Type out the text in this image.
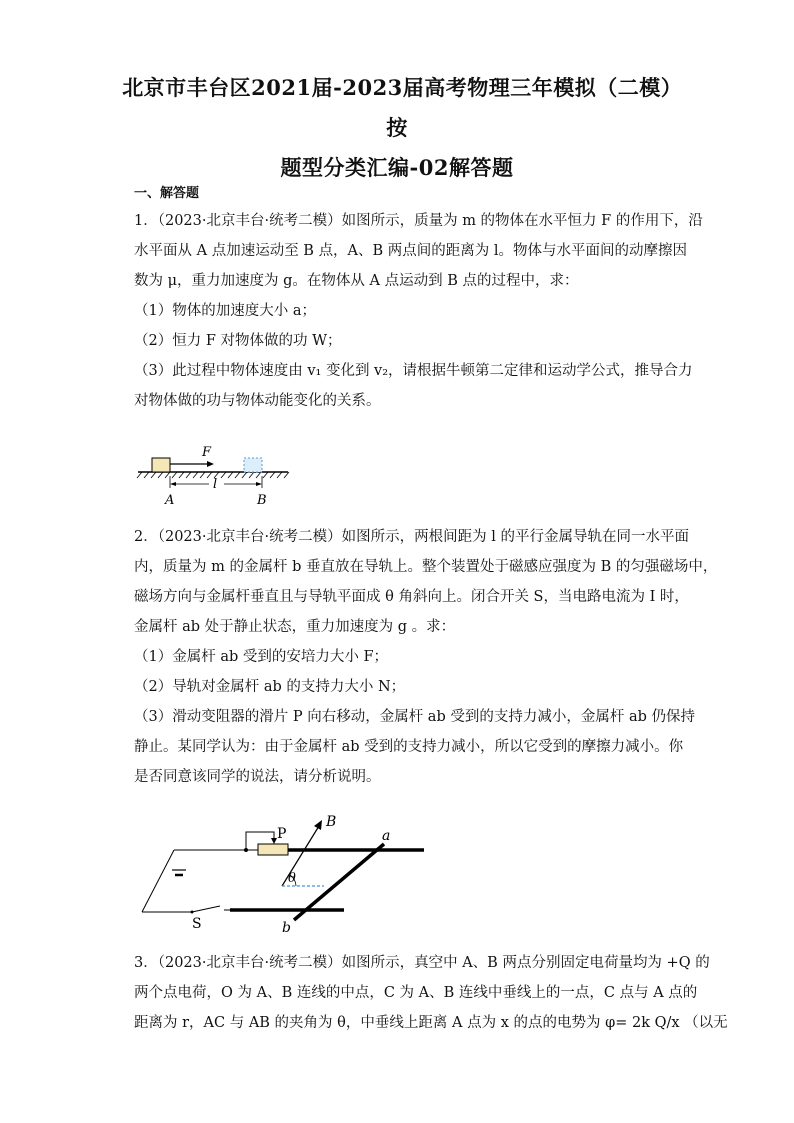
北京市丰台区2021届-2023届高考物理三年模拟（二模）按
题型分类汇编-02解答题
一、解答题
1．（2023·北京丰台·统考二模）如图所示，质量为 m 的物体在水平恒力 F 的作用下，沿
水平面从 A 点加速运动至 B 点，A、B 两点间的距离为 l。物体与水平面间的动摩擦因
数为 μ，重力加速度为 g。在物体从 A 点运动到 B 点的过程中，求：
（1）物体的加速度大小 a；
（2）恒力 F 对物体做的功 W；
（3）此过程中物体速度由 v₁ 变化到 v₂，请根据牛顿第二定律和运动学公式，推导合力
对物体做的功与物体动能变化的关系。
F
l
A	B
2．（2023·北京丰台·统考二模）如图所示，两根间距为 l 的平行金属导轨在同一水平面
内，质量为 m 的金属杆 b 垂直放在导轨上。整个装置处于磁感应强度为 B 的匀强磁场中，
磁场方向与金属杆垂直且与导轨平面成 θ 角斜向上。闭合开关 S，当电路电流为 I 时，
金属杆 ab 处于静止状态，重力加速度为 g 。求：
（1）金属杆 ab 受到的安培力大小 F；
（2）导轨对金属杆 ab 的支持力大小 N；
（3）滑动变阻器的滑片 P 向右移动，金属杆 ab 受到的支持力减小，金属杆 ab 仍保持
静止。某同学认为：由于金属杆 ab 受到的支持力减小，所以它受到的摩擦力减小。你
是否同意该同学的说法，请分析说明。
S
P	a
b
B
θ
3．（2023·北京丰台·统考二模）如图所示，真空中 A、B 两点分别固定电荷量均为 +Q 的
两个点电荷，O 为 A、B 连线的中点，C 为 A、B 连线中垂线上的一点，C 点与 A 点的
距离为 r，AC 与 AB 的夹角为 θ，中垂线上距离 A 点为 x 的点的电势为 φ= 2k Q/x （以无
